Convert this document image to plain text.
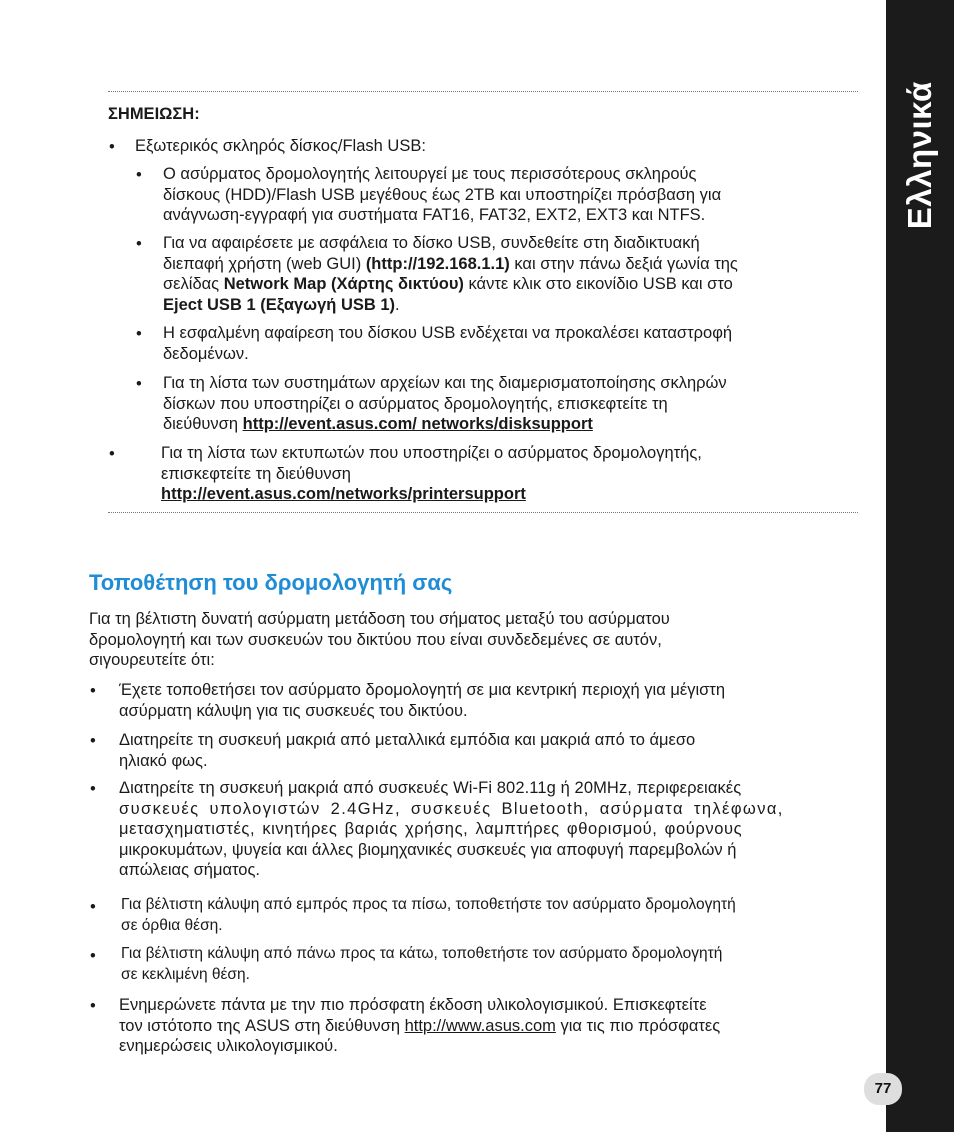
Ελληνικά
ΣΗΜΕΙΩΣΗ:
• Εξωτερικός σκληρός δίσκος/Flash USB:
• Ο ασύρματος δρομολογητής λειτουργεί με τους περισσότερους σκληρούς
δίσκους (HDD)/Flash USB μεγέθους έως 2TB και υποστηρίζει πρόσβαση για
ανάγνωση-εγγραφή για συστήματα FAT16, FAT32, EXT2, EXT3 και NTFS.
• Για να αφαιρέσετε με ασφάλεια το δίσκο USB, συνδεθείτε στη διαδικτυακή
διεπαφή χρήστη (web GUI) (http://192.168.1.1) και στην πάνω δεξιά γωνία της
σελίδας Network Map (Χάρτης δικτύου) κάντε κλικ στο εικονίδιο USB και στο
Eject USB 1 (Εξαγωγή USB 1).
• Η εσφαλμένη αφαίρεση του δίσκου USB ενδέχεται να προκαλέσει καταστροφή
δεδομένων.
• Για τη λίστα των συστημάτων αρχείων και της διαμερισματοποίησης σκληρών
δίσκων που υποστηρίζει ο ασύρματος δρομολογητής, επισκεφτείτε τη
διεύθυνση http://event.asus.com/ networks/disksupport
•	Για τη λίστα των εκτυπωτών που υποστηρίζει ο ασύρματος δρομολογητής,
επισκεφτείτε τη διεύθυνση
http://event.asus.com/networks/printersupport
Τοποθέτηση του δρομολογητή σας
Για τη βέλτιστη δυνατή ασύρματη μετάδοση του σήματος μεταξύ του ασύρματου
δρομολογητή και των συσκευών του δικτύου που είναι συνδεδεμένες σε αυτόν,
σιγουρευτείτε ότι:
• Έχετε τοποθετήσει τον ασύρματο δρομολογητή σε μια κεντρική περιοχή για μέγιστη
ασύρματη κάλυψη για τις συσκευές του δικτύου.
• Διατηρείτε τη συσκευή μακριά από μεταλλικά εμπόδια και μακριά από το άμεσο
ηλιακό φως.
• Διατηρείτε τη συσκευή μακριά από συσκευές Wi-Fi 802.11g ή 20MHz, περιφερειακές
συσκευές υπολογιστών 2.4GHz, συσκευές Bluetooth, ασύρματα τηλέφωνα,
μετασχηματιστές, κινητήρες βαριάς χρήσης, λαμπτήρες φθορισμού, φούρνους
μικροκυμάτων, ψυγεία και άλλες βιομηχανικές συσκευές για αποφυγή παρεμβολών ή
απώλειας σήματος.
• Για βέλτιστη κάλυψη από εμπρός προς τα πίσω, τοποθετήστε τον ασύρματο δρομολογητή
σε όρθια θέση.
• Για βέλτιστη κάλυψη από πάνω προς τα κάτω, τοποθετήστε τον ασύρματο δρομολογητή
σε κεκλιμένη θέση.
• Ενημερώνετε πάντα με την πιο πρόσφατη έκδοση υλικολογισμικού. Επισκεφτείτε
τον ιστότοπο της ASUS στη διεύθυνση http://www.asus.com για τις πιο πρόσφατες
ενημερώσεις υλικολογισμικού.
77
